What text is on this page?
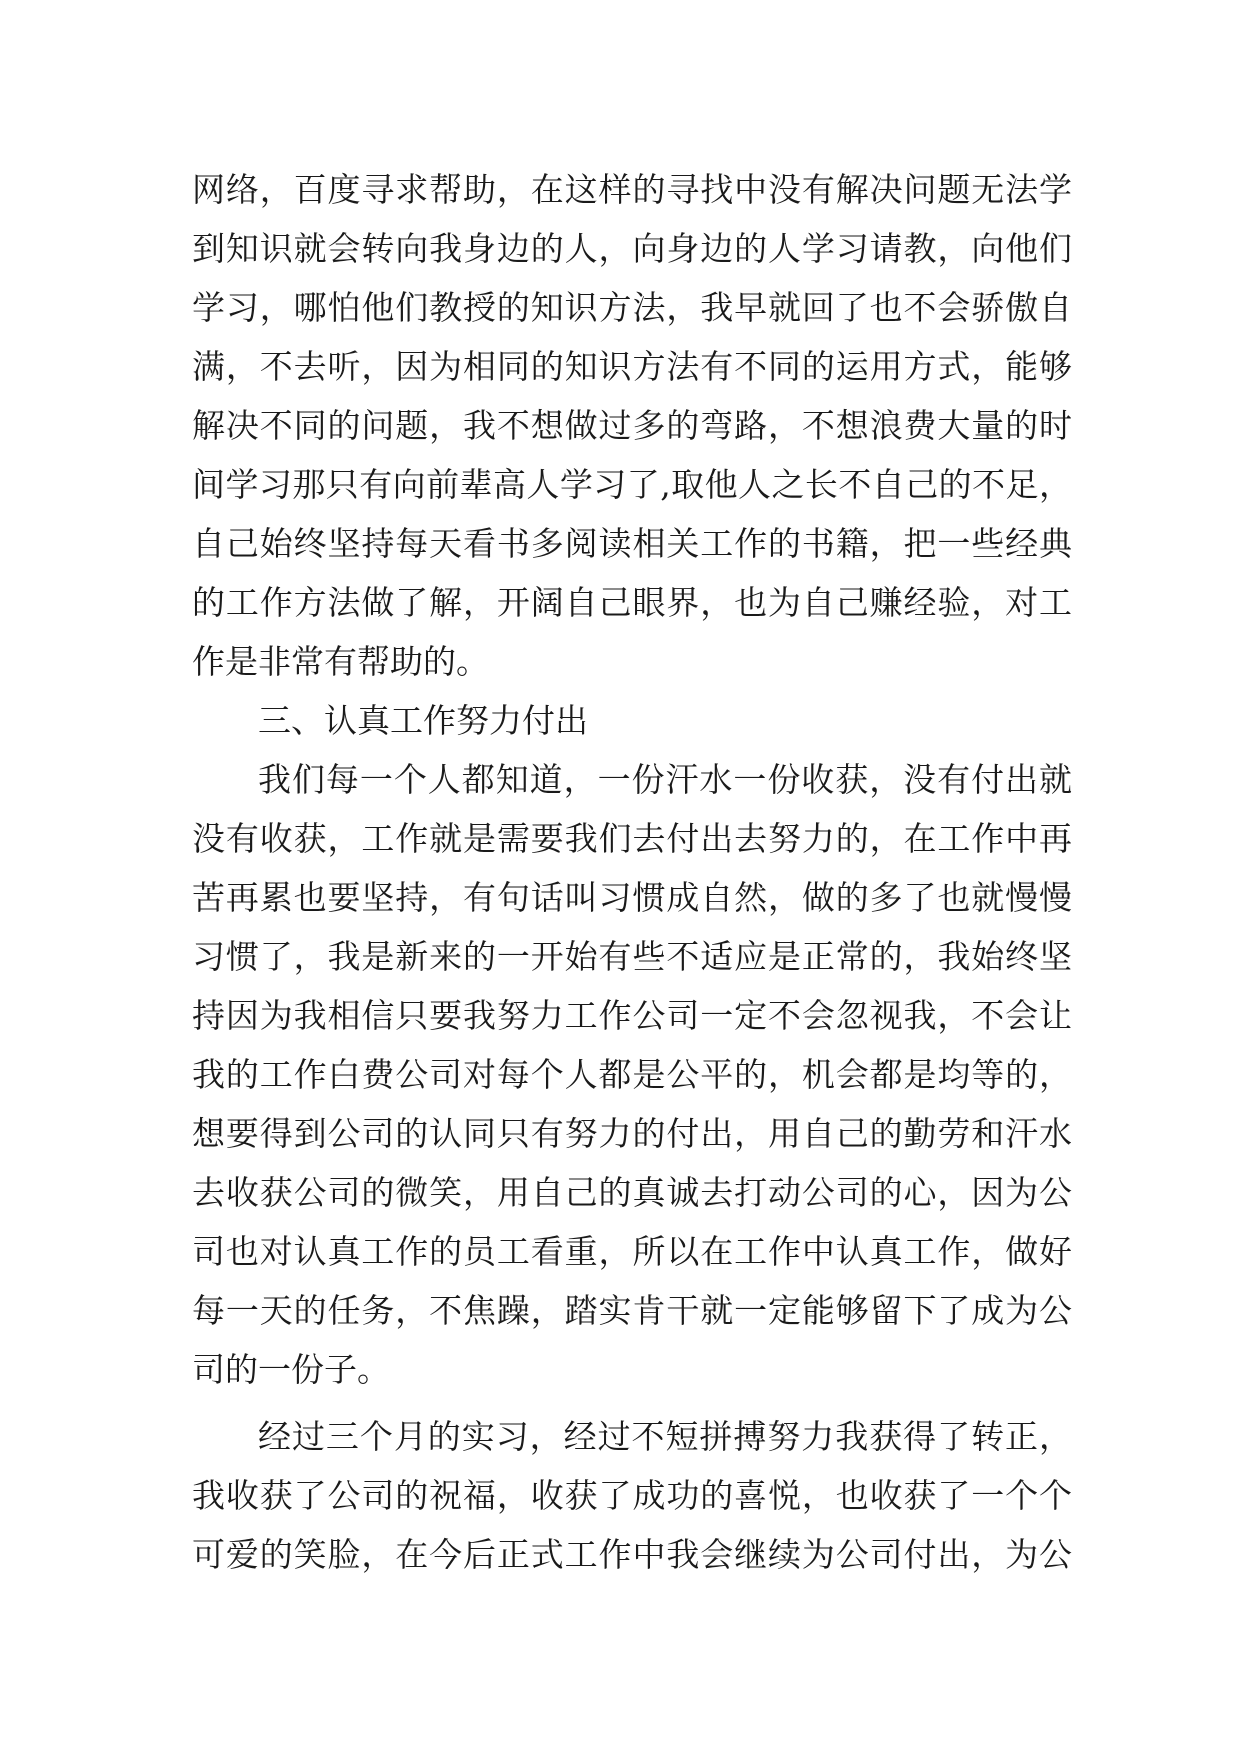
网络，百度寻求帮助，在这样的寻找中没有解决问题无法学
到知识就会转向我身边的人，向身边的人学习请教，向他们
学习，哪怕他们教授的知识方法，我早就回了也不会骄傲自
满，不去听，因为相同的知识方法有不同的运用方式，能够
解决不同的问题，我不想做过多的弯路，不想浪费大量的时
间学习那只有向前辈高人学习了,取他人之长不自己的不足，
自己始终坚持每天看书多阅读相关工作的书籍，把一些经典
的工作方法做了解，开阔自己眼界，也为自己赚经验，对工
作是非常有帮助的。
三、认真工作努力付出
我们每一个人都知道，一份汗水一份收获，没有付出就
没有收获，工作就是需要我们去付出去努力的，在工作中再
苦再累也要坚持，有句话叫习惯成自然，做的多了也就慢慢
习惯了，我是新来的一开始有些不适应是正常的，我始终坚
持因为我相信只要我努力工作公司一定不会忽视我，不会让
我的工作白费公司对每个人都是公平的，机会都是均等的，
想要得到公司的认同只有努力的付出，用自己的勤劳和汗水
去收获公司的微笑，用自己的真诚去打动公司的心，因为公
司也对认真工作的员工看重，所以在工作中认真工作，做好
每一天的任务，不焦躁，踏实肯干就一定能够留下了成为公
司的一份子。
经过三个月的实习，经过不短拼搏努力我获得了转正，
我收获了公司的祝福，收获了成功的喜悦，也收获了一个个
可爱的笑脸，在今后正式工作中我会继续为公司付出，为公
